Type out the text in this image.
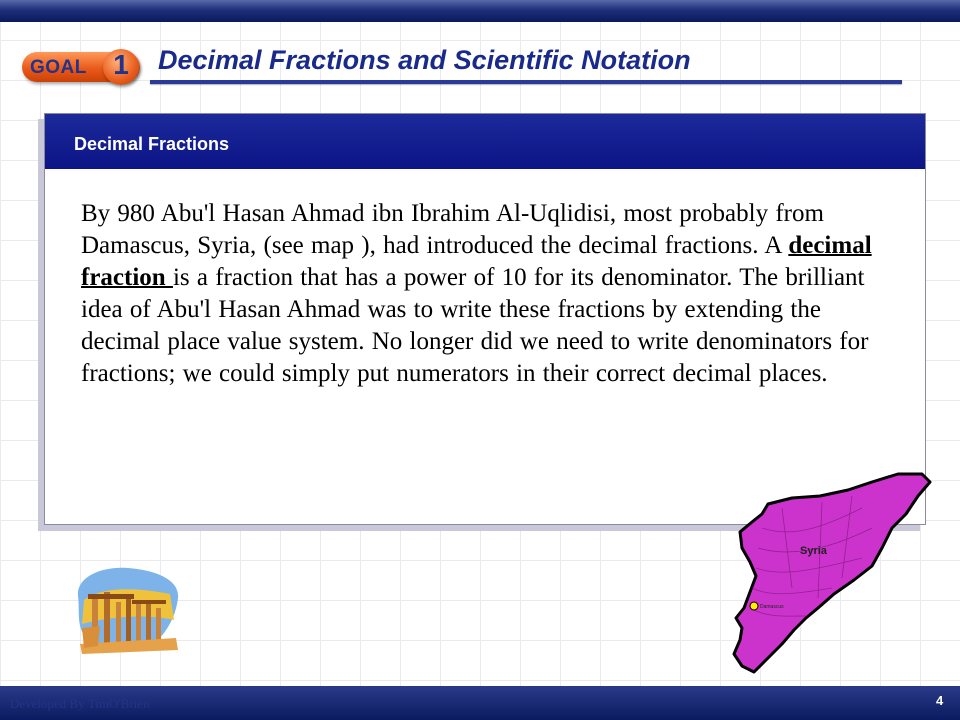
GOAL 1	Decimal Fractions and Scientific Notation
Decimal Fractions
By 980 Abu'l Hasan Ahmad ibn Ibrahim Al-Uqlidisi, most probably from Damascus, Syria, (see map ), had introduced the decimal fractions. A decimal fraction is a fraction that has a power of 10 for its denominator. The brilliant idea of Abu'l Hasan Ahmad was to write these fractions by extending the decimal place value system. No longer did we need to write denominators for fractions; we could simply put numerators in their correct decimal places.
Syria
Damascus
Developed By TimO'Brien	4
